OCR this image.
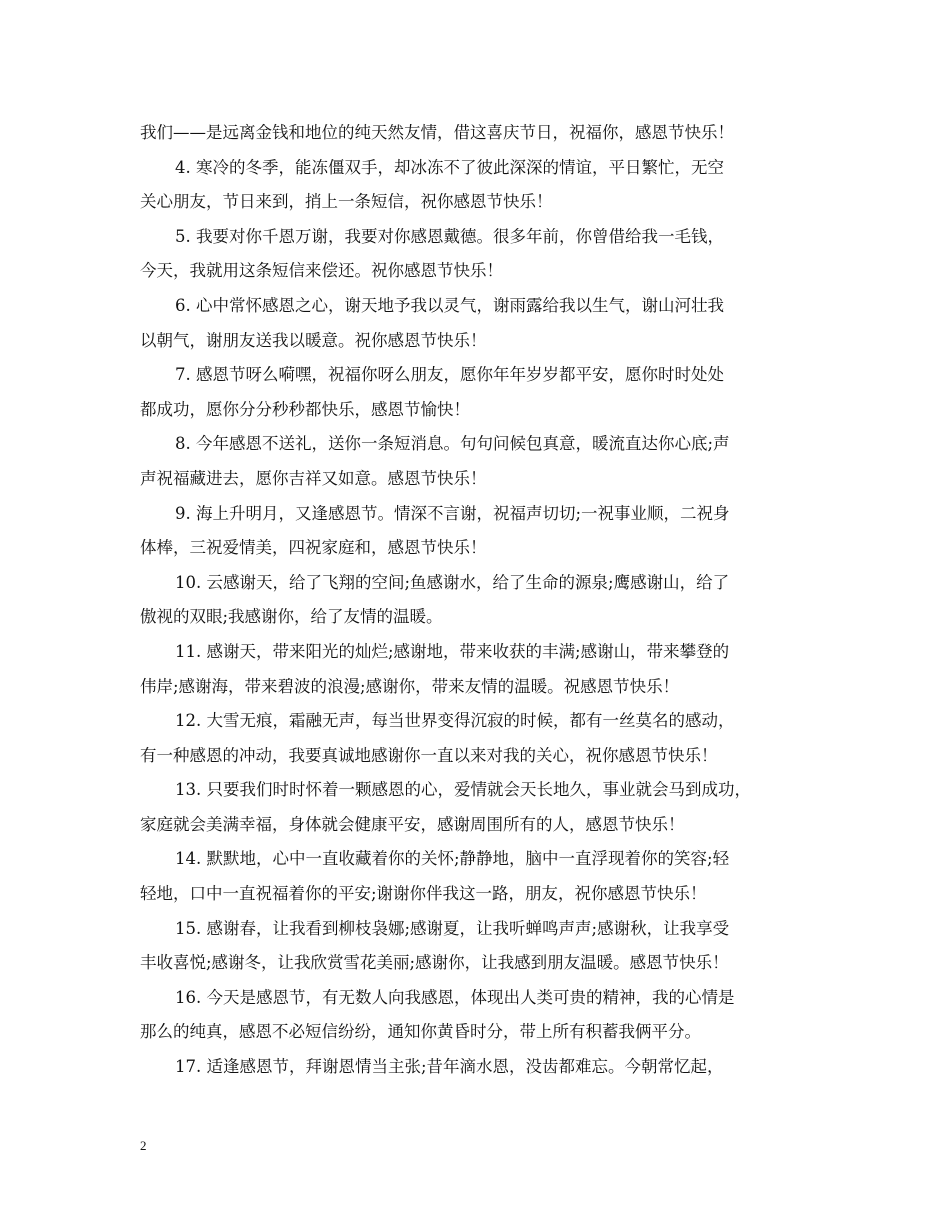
我们——是远离金钱和地位的纯天然友情，借这喜庆节日，祝福你，感恩节快乐！
4. 寒冷的冬季，能冻僵双手，却冰冻不了彼此深深的情谊，平日繁忙，无空
关心朋友，节日来到，捎上一条短信，祝你感恩节快乐！
5. 我要对你千恩万谢，我要对你感恩戴德。很多年前，你曾借给我一毛钱，
今天，我就用这条短信来偿还。祝你感恩节快乐！
6. 心中常怀感恩之心，谢天地予我以灵气，谢雨露给我以生气，谢山河壮我
以朝气，谢朋友送我以暖意。祝你感恩节快乐！
7. 感恩节呀么嗬嘿，祝福你呀么朋友，愿你年年岁岁都平安，愿你时时处处
都成功，愿你分分秒秒都快乐，感恩节愉快！
8. 今年感恩不送礼，送你一条短消息。句句问候包真意，暖流直达你心底;声
声祝福藏进去，愿你吉祥又如意。感恩节快乐！
9. 海上升明月，又逢感恩节。情深不言谢，祝福声切切;一祝事业顺，二祝身
体棒，三祝爱情美，四祝家庭和，感恩节快乐！
10. 云感谢天，给了飞翔的空间;鱼感谢水，给了生命的源泉;鹰感谢山，给了
傲视的双眼;我感谢你，给了友情的温暖。
11. 感谢天，带来阳光的灿烂;感谢地，带来收获的丰满;感谢山，带来攀登的
伟岸;感谢海，带来碧波的浪漫;感谢你，带来友情的温暖。祝感恩节快乐！
12. 大雪无痕，霜融无声，每当世界变得沉寂的时候，都有一丝莫名的感动，
有一种感恩的冲动，我要真诚地感谢你一直以来对我的关心，祝你感恩节快乐！
13. 只要我们时时怀着一颗感恩的心，爱情就会天长地久，事业就会马到成功，
家庭就会美满幸福，身体就会健康平安，感谢周围所有的人，感恩节快乐！
14. 默默地，心中一直收藏着你的关怀;静静地，脑中一直浮现着你的笑容;轻
轻地，口中一直祝福着你的平安;谢谢你伴我这一路，朋友，祝你感恩节快乐！
15. 感谢春，让我看到柳枝袅娜;感谢夏，让我听蝉鸣声声;感谢秋，让我享受
丰收喜悦;感谢冬，让我欣赏雪花美丽;感谢你，让我感到朋友温暖。感恩节快乐！
16. 今天是感恩节，有无数人向我感恩，体现出人类可贵的精神，我的心情是
那么的纯真，感恩不必短信纷纷，通知你黄昏时分，带上所有积蓄我俩平分。
17. 适逢感恩节，拜谢恩情当主张;昔年滴水恩，没齿都难忘。今朝常忆起，
2
